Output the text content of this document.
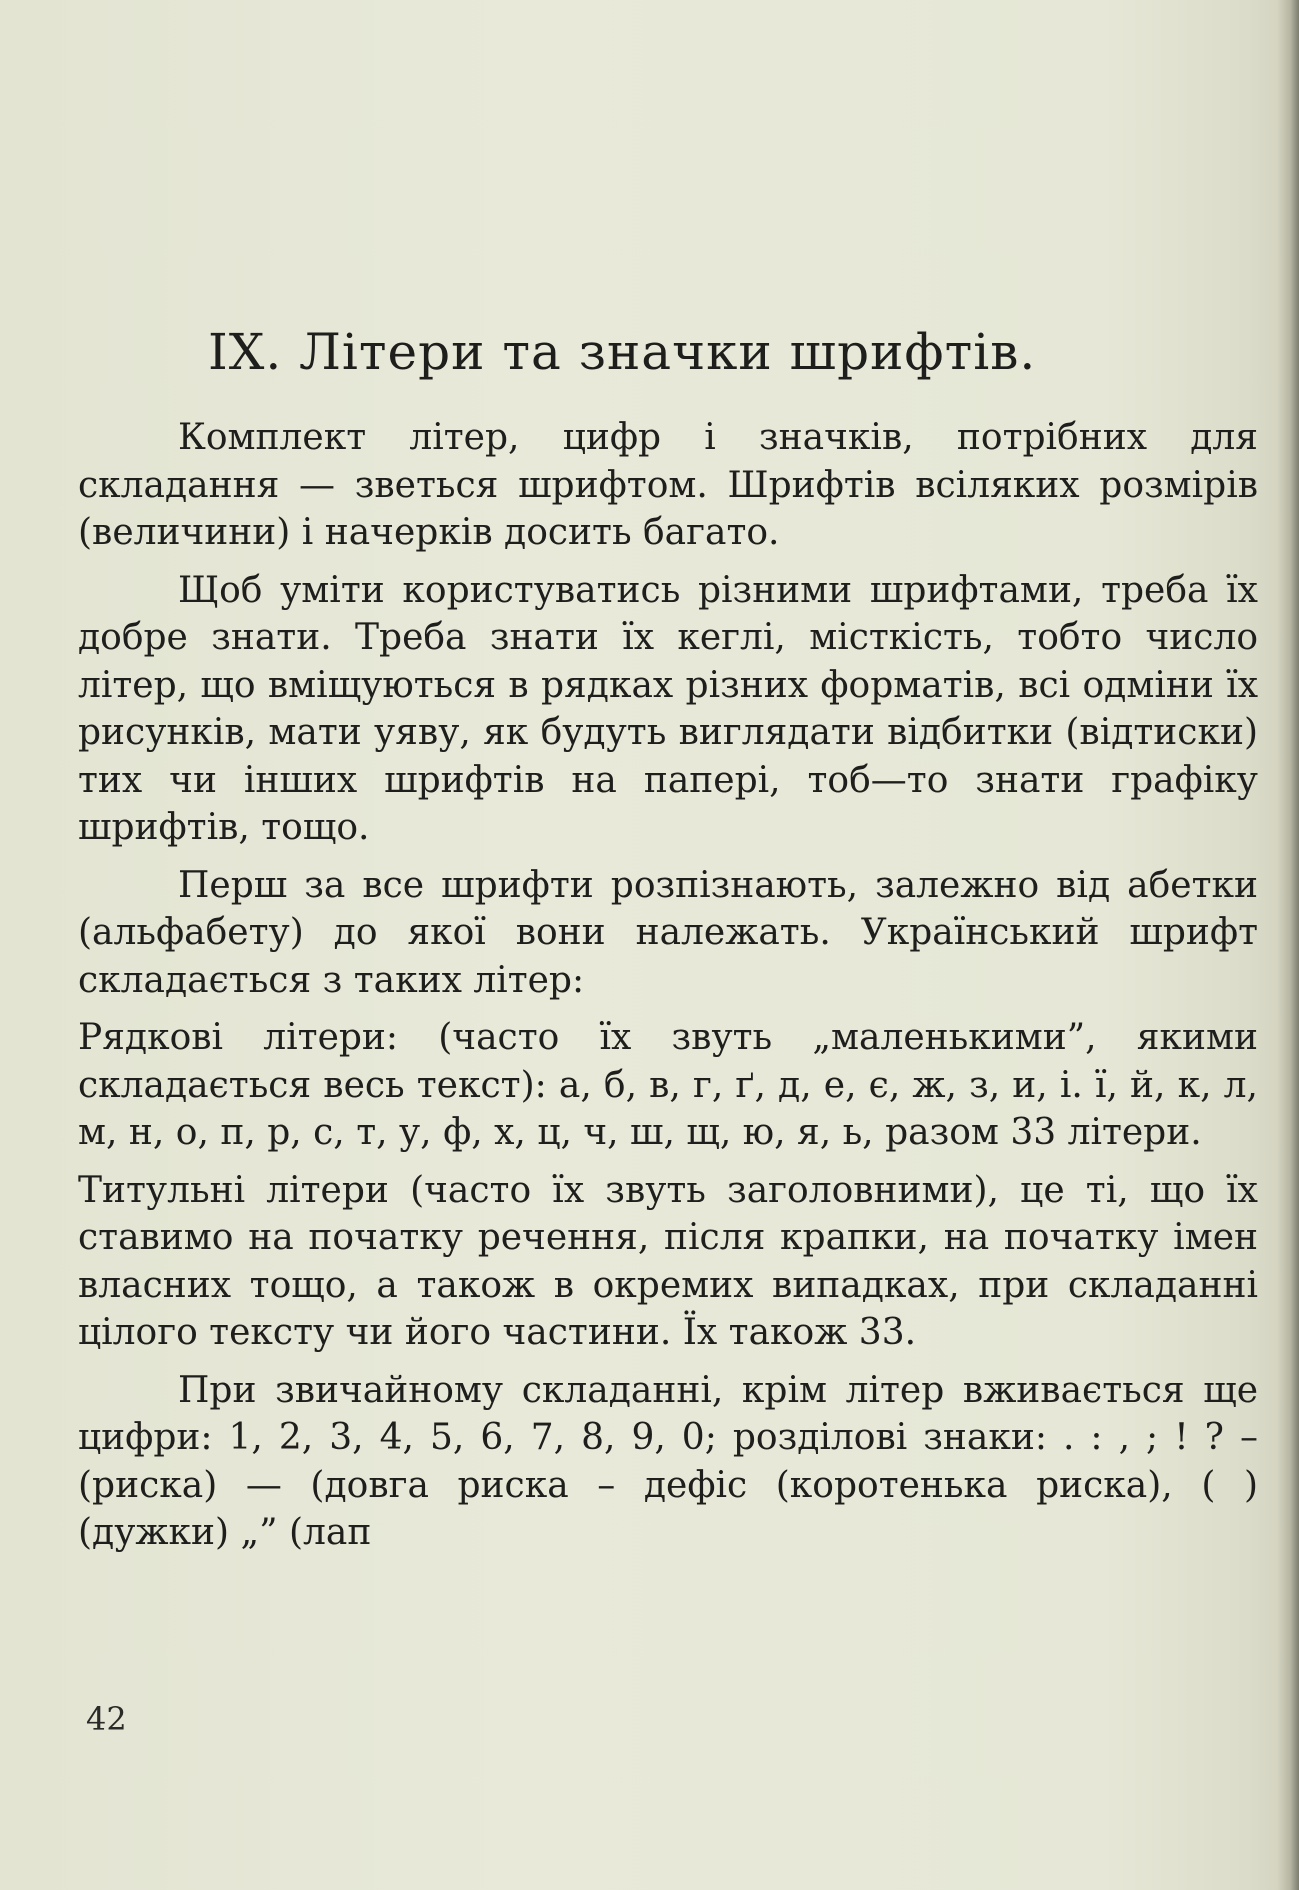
IX. Літери та значки шрифтів.

Комплект літер, цифр і значків, потрібних для складання — зветься шрифтом. Шрифтів всіляких розмірів (величини) і начерків досить багато.

Щоб уміти користуватись різними шрифтами, треба їх добре знати. Треба знати їх кеглі, місткість, тобто число літер, що вміщуються в рядках різних форматів, всі одміни їх рисунків, мати уяву, як будуть виглядати відбитки (відтиски) тих чи інших шрифтів на папері, тоб—то знати графіку шрифтів, тощо.

Перш за все шрифти розпізнають, залежно від абетки (альфабету) до якої вони належать. Український шрифт складається з таких літер:

Рядкові літери: (часто їх звуть „маленькими”, якими складається весь текст): а, б, в, г, ґ, д, е, є, ж, з, и, і. ї, й, к, л, м, н, о, п, р, с, т, у, ф, х, ц, ч, ш, щ, ю, я, ь, разом 33 літери.

Титульні літери (часто їх звуть заголовними), це ті, що їх ставимо на початку речення, після крапки, на початку імен власних тощо, а також в окремих випадках, при складанні цілого тексту чи його частини. Їх також 33.

При звичайному складанні, крім літер вживається ще цифри: 1, 2, 3, 4, 5, 6, 7, 8, 9, 0; розділові знаки: . : , ; ! ? – (риска) — (довга риска – дефіс (коротенька риска), ( ) (дужки) „” (лап

42
